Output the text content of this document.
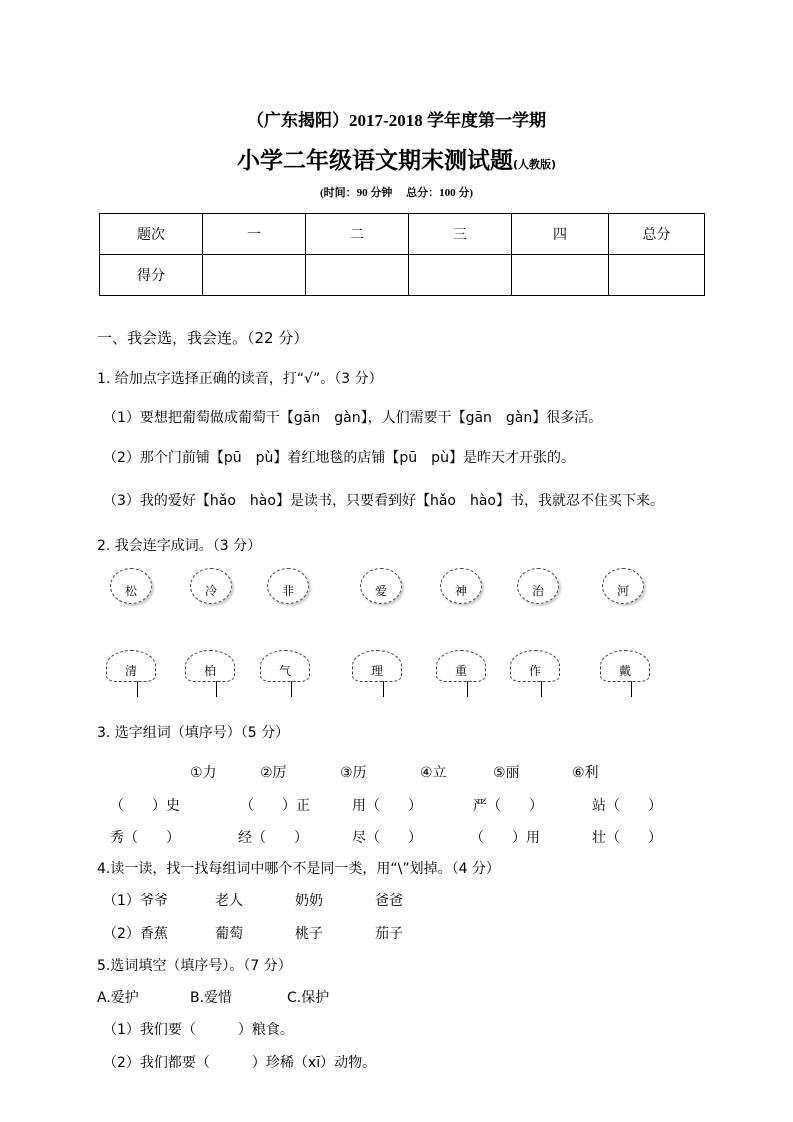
（广东揭阳）2017-2018 学年度第一学期
小学二年级语文期末测试题(人教版)
(时间：90 分钟　 总分：100 分)
题次	一	二	三	四	总分
得分					
一、我会选，我会连。（22 分）
1. 给加点字选择正确的读音，打“√”。（3 分）
（1）要想把葡萄做成葡萄干【gān　gàn】，人们需要干【gān　gàn】很多活。
（2）那个门前铺【pū　pù】着红地毯的店铺【pū　pù】是昨天才开张的。
（3）我的爱好【hǎo　hào】是读书，只要看到好【hǎo　hào】书，我就忍不住买下来。
2. 我会连字成词。（3 分）
松	冷	非	爱	神	治	河
清	柏	气	理	重	作	戴
3. 选字组词（填序号）（5 分）
①力	②厉	③历	④立	⑤丽	⑥利
（　　）史	（　　）正	用（　　）	严（　　）	站（　　）
秀（　　）	经（　　）	尽（　　）	（　　）用	壮（　　）
4.读一读，找一找每组词中哪个不是同一类，用“\”划掉。（4 分）
（1）爷爷	老人	奶奶	爸爸
（2）香蕉	葡萄	桃子	茄子
5.选词填空（填序号）。（7 分）
A.爱护	B.爱惜	C.保护
（1）我们要（　　　）粮食。
（2）我们都要（　　　）珍稀（xī）动物。
